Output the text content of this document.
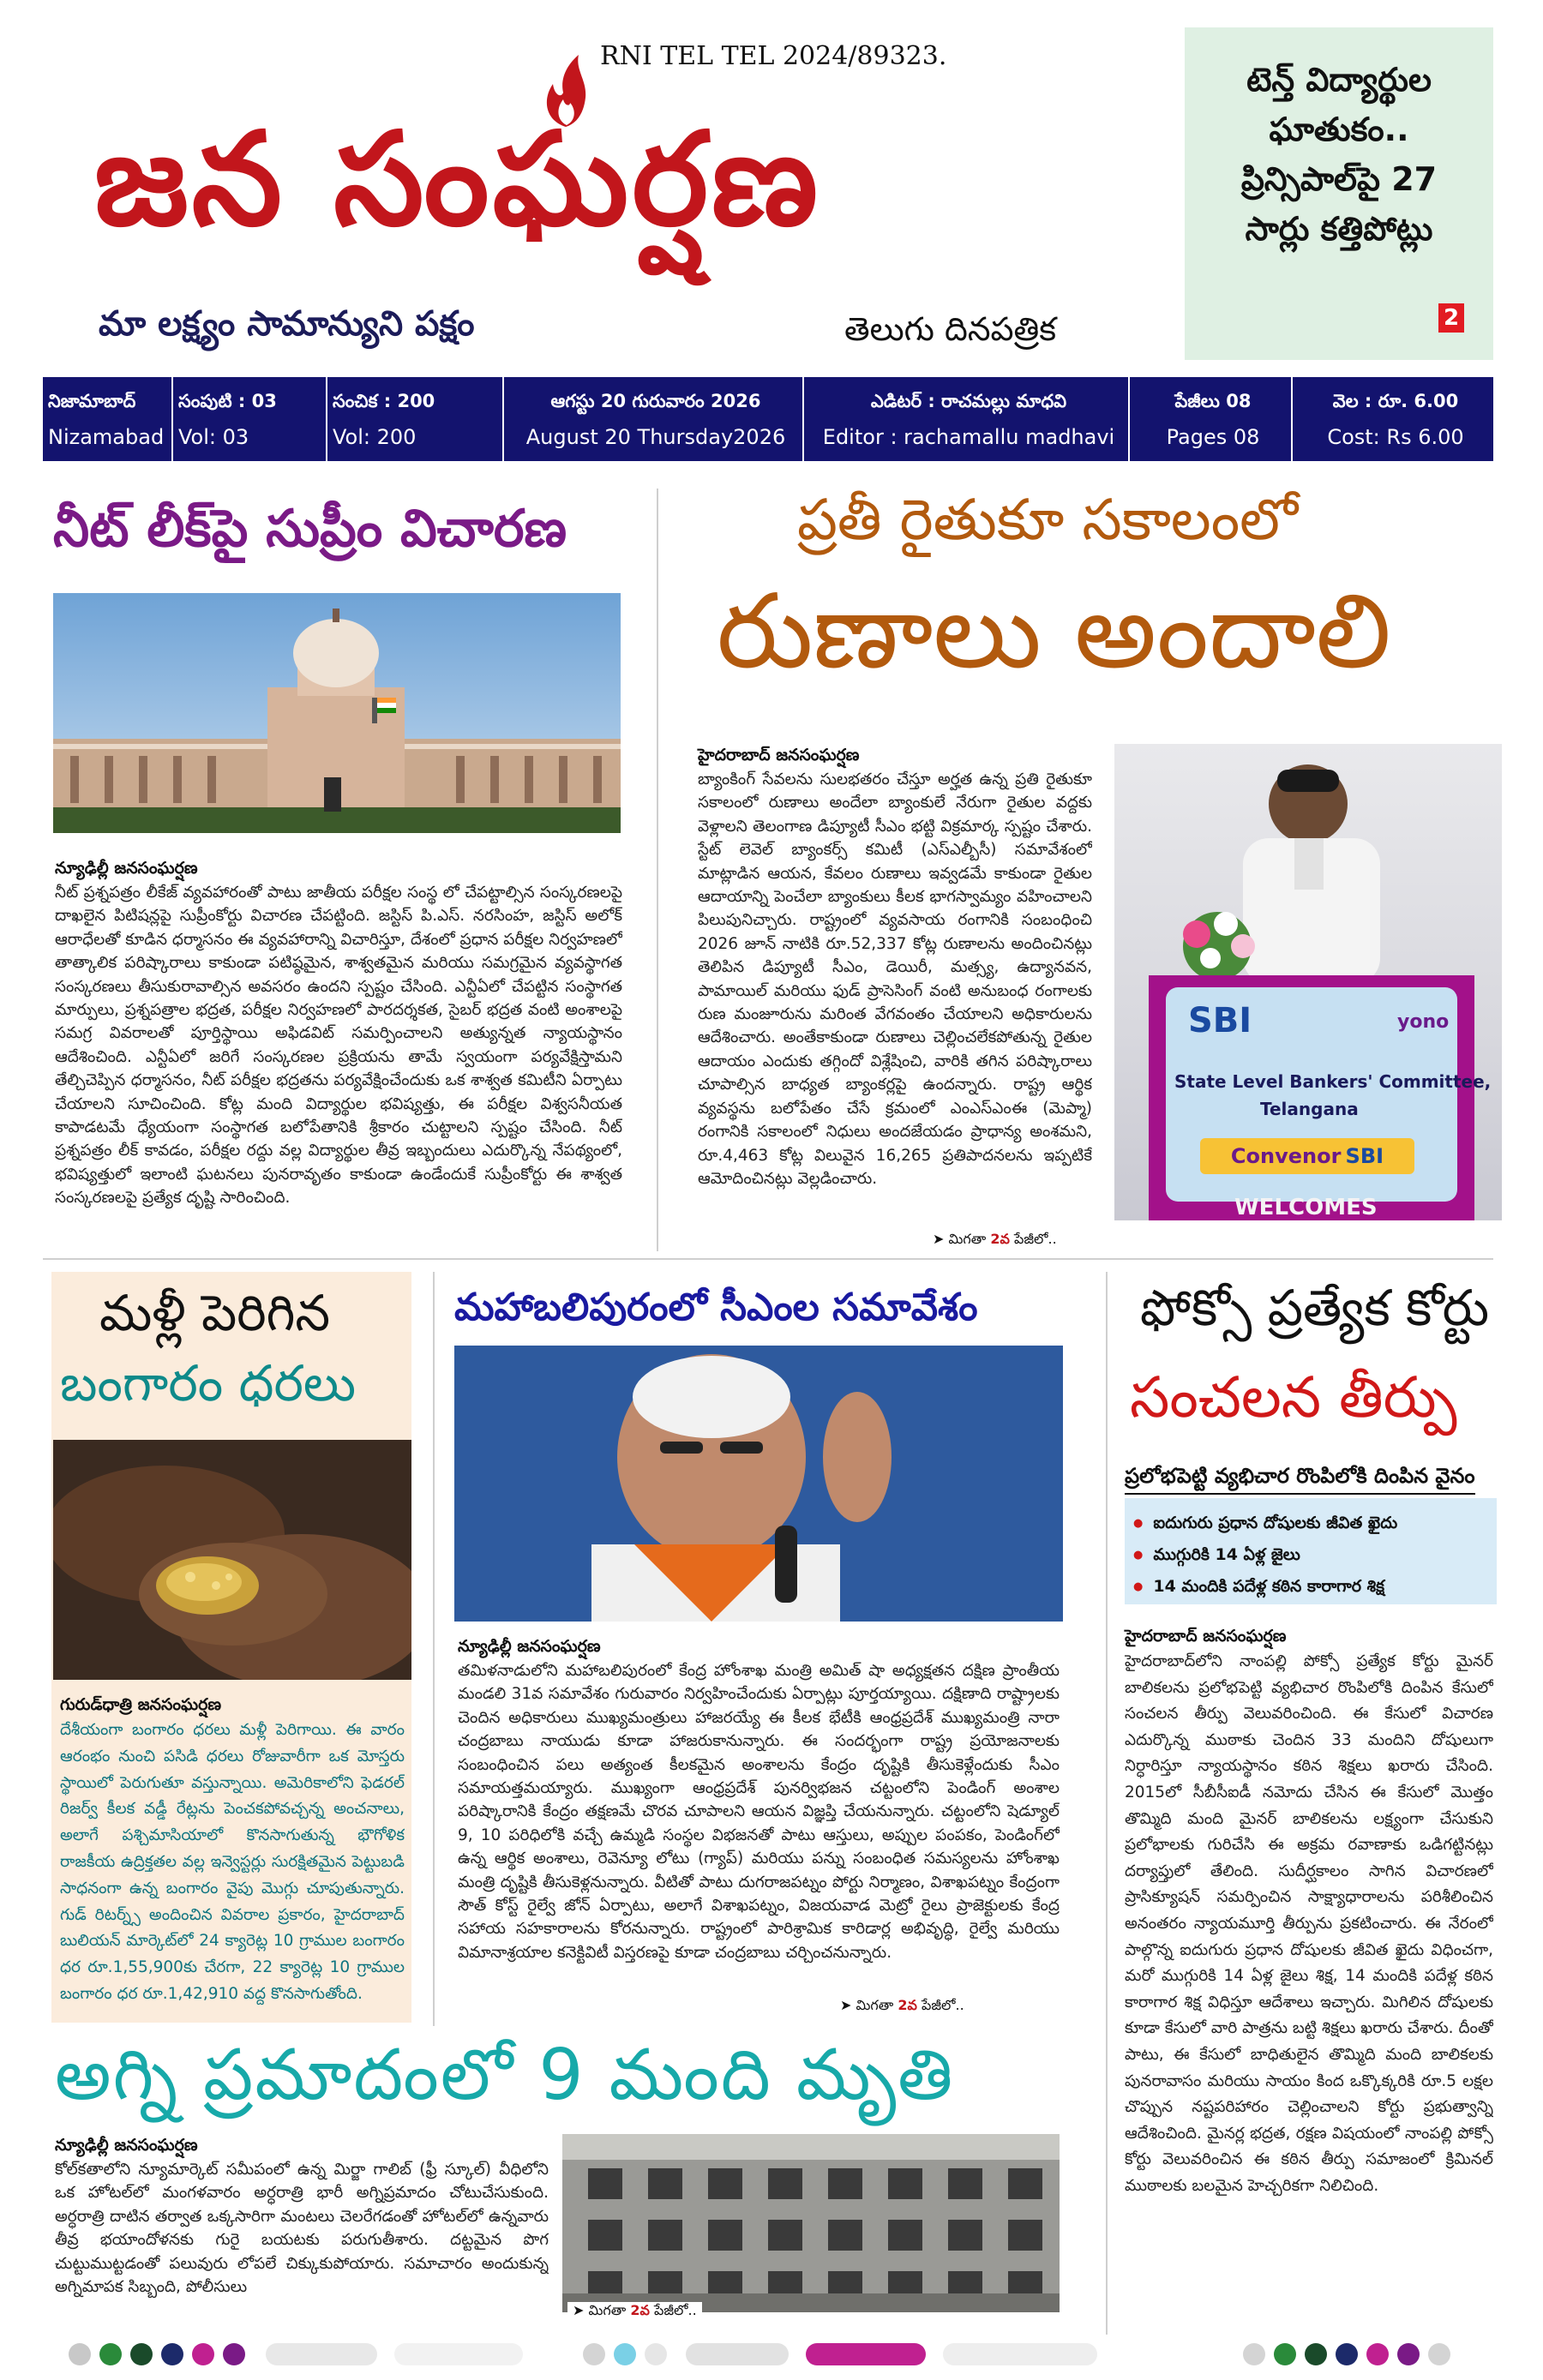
RNI TEL TEL 2024/89323.
జన సంఘర్షణ
మా లక్ష్యం సామాన్యుని పక్షం	తెలుగు దినపత్రిక

టెన్త్ విద్యార్థుల

ఘాతుకం..

ప్రిన్సిపాల్‌పై 27

సార్లు కత్తిపోట్లు

2
నిజామాబాద్
Nizamabad
సంపుటి : 03
Vol: 03
సంచిక : 200
Vol: 200
ఆగస్టు 20 గురువారం 2026
August 20 Thursday2026
ఎడిటర్ : రాచమల్లు మాధవి
Editor : rachamallu madhavi
పేజీలు 08
Pages 08
వెల : రూ. 6.00
Cost: Rs 6.00
నీట్ లీక్‌పై సుప్రీం విచారణ
న్యూఢిల్లీ జనసంఘర్షణ
నీట్ ప్రశ్నపత్రం లీకేజ్ వ్యవహారంతో పాటు జాతీయ పరీక్షల సంస్థ లో చేపట్టాల్సిన సంస్కరణలపై దాఖలైన పిటిషన్లపై సుప్రీంకోర్టు విచారణ చేపట్టింది. జస్టిస్ పి.ఎస్. నరసింహ, జస్టిస్ అలోక్ ఆరాధేలతో కూడిన ధర్మాసనం ఈ వ్యవహారాన్ని విచారిస్తూ, దేశంలో ప్రధాన పరీక్షల నిర్వహణలో తాత్కాలిక పరిష్కారాలు కాకుండా పటిష్ఠమైన, శాశ్వతమైన మరియు సమగ్రమైన వ్యవస్థాగత సంస్కరణలు తీసుకురావాల్సిన అవసరం ఉందని స్పష్టం చేసింది. ఎన్టీఏలో చేపట్టిన సంస్థాగత మార్పులు, ప్రశ్నపత్రాల భద్రత, పరీక్షల నిర్వహణలో పారదర్శకత, సైబర్ భద్రత వంటి అంశాలపై సమగ్ర వివరాలతో పూర్తిస్థాయి అఫిడవిట్ సమర్పించాలని అత్యున్నత న్యాయస్థానం ఆదేశించింది. ఎన్టీఏలో జరిగే సంస్కరణల ప్రక్రియను తామే స్వయంగా పర్యవేక్షిస్తామని తేల్చిచెప్పిన ధర్మాసనం, నీట్ పరీక్షల భద్రతను పర్యవేక్షించేందుకు ఒక శాశ్వత కమిటీని ఏర్పాటు చేయాలని సూచించింది. కోట్ల మంది విద్యార్థుల భవిష్యత్తు, ఈ పరీక్షల విశ్వసనీయత కాపాడటమే ధ్యేయంగా సంస్థాగత బలోపేతానికి శ్రీకారం చుట్టాలని స్పష్టం చేసింది. నీట్ ప్రశ్నపత్రం లీక్ కావడం, పరీక్షల రద్దు వల్ల విద్యార్థుల తీవ్ర ఇబ్బందులు ఎదుర్కొన్న నేపథ్యంలో, భవిష్యత్తులో ఇలాంటి ఘటనలు పునరావృతం కాకుండా ఉండేందుకే సుప్రీంకోర్టు ఈ శాశ్వత సంస్కరణలపై ప్రత్యేక దృష్టి సారించింది.
ప్రతీ రైతుకూ సకాలంలో
రుణాలు అందాలి
హైదరాబాద్ జనసంఘర్షణ
బ్యాంకింగ్ సేవలను సులభతరం చేస్తూ అర్హత ఉన్న ప్రతి రైతుకూ సకాలంలో రుణాలు అందేలా బ్యాంకులే నేరుగా రైతుల వద్దకు వెళ్లాలని తెలంగాణ డిప్యూటీ సీఎం భట్టి విక్రమార్క స్పష్టం చేశారు. స్టేట్ లెవెల్ బ్యాంకర్స్ కమిటీ (ఎస్ఎల్బీసీ) సమావేశంలో మాట్లాడిన ఆయన, కేవలం రుణాలు ఇవ్వడమే కాకుండా రైతుల ఆదాయాన్ని పెంచేలా బ్యాంకులు కీలక భాగస్వామ్యం వహించాలని పిలుపునిచ్చారు. రాష్ట్రంలో వ్యవసాయ రంగానికి సంబంధించి 2026 జూన్ నాటికి రూ.52,337 కోట్ల రుణాలను అందించినట్లు తెలిపిన డిప్యూటీ సీఎం, డెయిరీ, మత్స్య, ఉద్యానవన, పామాయిల్ మరియు ఫుడ్ ప్రాసెసింగ్ వంటి అనుబంధ రంగాలకు రుణ మంజూరును మరింత వేగవంతం చేయాలని అధికారులను ఆదేశించారు. అంతేకాకుండా రుణాలు చెల్లించలేకపోతున్న రైతుల ఆదాయం ఎందుకు తగ్గిందో విశ్లేషించి, వారికి తగిన పరిష్కారాలు చూపాల్సిన బాధ్యత బ్యాంకర్లపై ఉందన్నారు. రాష్ట్ర ఆర్థిక వ్యవస్థను బలోపేతం చేసే క్రమంలో ఎంఎస్ఎంఈ (మెప్మా) రంగానికి సకాలంలో నిధులు అందజేయడం ప్రాధాన్య అంశమని, రూ.4,463 కోట్ల విలువైన 16,265 ప్రతిపాదనలను ఇప్పటికే ఆమోదించినట్లు వెల్లడించారు.
➤ మిగతా 2వ పేజీలో..
SBI	yono
State Level Bankers' Committee,
Telangana
Convenor SBI
WELCOMES
మళ్లీ పెరిగిన
బంగారం ధరలు
గురుడ్‌ధాత్రి జనసంఘర్షణ
దేశీయంగా బంగారం ధరలు మళ్లీ పెరిగాయి. ఈ వారం ఆరంభం నుంచి పసిడి ధరలు రోజువారీగా ఒక మోస్తరు స్థాయిలో పెరుగుతూ వస్తున్నాయి. అమెరికాలోని ఫెడరల్ రిజర్వ్ కీలక వడ్డీ రేట్లను పెంచకపోవచ్చన్న అంచనాలు, అలాగే పశ్చిమాసియాలో కొనసాగుతున్న భౌగోళిక రాజకీయ ఉద్రిక్తతల వల్ల ఇన్వెస్టర్లు సురక్షితమైన పెట్టుబడి సాధనంగా ఉన్న బంగారం వైపు మొగ్గు చూపుతున్నారు. గుడ్ రిటర్న్స్ అందించిన వివరాల ప్రకారం, హైదరాబాద్ బులియన్ మార్కెట్‌లో 24 క్యారెట్ల 10 గ్రాముల బంగారం ధర రూ.1,55,900కు చేరగా, 22 క్యారెట్ల 10 గ్రాముల బంగారం ధర రూ.1,42,910 వద్ద కొనసాగుతోంది.
మహాబలిపురంలో సీఎంల సమావేశం
న్యూఢిల్లీ జనసంఘర్షణ
తమిళనాడులోని మహాబలిపురంలో కేంద్ర హోంశాఖ మంత్రి అమిత్ షా అధ్యక్షతన దక్షిణ ప్రాంతీయ మండలి 31వ సమావేశం గురువారం నిర్వహించేందుకు ఏర్పాట్లు పూర్తయ్యాయి. దక్షిణాది రాష్ట్రాలకు చెందిన అధికారులు ముఖ్యమంత్రులు హాజరయ్యే ఈ కీలక భేటీకి ఆంధ్రప్రదేశ్ ముఖ్యమంత్రి నారా చంద్రబాబు నాయుడు కూడా హాజరుకానున్నారు. ఈ సందర్భంగా రాష్ట్ర ప్రయోజనాలకు సంబంధించిన పలు అత్యంత కీలకమైన అంశాలను కేంద్రం దృష్టికి తీసుకెళ్లేందుకు సీఎం సమాయత్తమయ్యారు. ముఖ్యంగా ఆంధ్రప్రదేశ్ పునర్విభజన చట్టంలోని పెండింగ్ అంశాల పరిష్కారానికి కేంద్రం తక్షణమే చొరవ చూపాలని ఆయన విజ్ఞప్తి చేయనున్నారు. చట్టంలోని షెడ్యూల్ 9, 10 పరిధిలోకి వచ్చే ఉమ్మడి సంస్థల విభజనతో పాటు ఆస్తులు, అప్పుల పంపకం, పెండింగ్‌లో ఉన్న ఆర్థిక అంశాలు, రెవెన్యూ లోటు (గ్యాప్) మరియు పన్ను సంబంధిత సమస్యలను హోంశాఖ మంత్రి దృష్టికి తీసుకెళ్లనున్నారు. వీటితో పాటు దుగరాజపట్నం పోర్టు నిర్మాణం, విశాఖపట్నం కేంద్రంగా సౌత్ కోస్ట్ రైల్వే జోన్ ఏర్పాటు, అలాగే విశాఖపట్నం, విజయవాడ మెట్రో రైలు ప్రాజెక్టులకు కేంద్ర సహాయ సహకారాలను కోరనున్నారు. రాష్ట్రంలో పారిశ్రామిక కారిడార్ల అభివృద్ధి, రైల్వే మరియు విమానాశ్రయాల కనెక్టివిటీ విస్తరణపై కూడా చంద్రబాబు చర్చించనున్నారు.
➤ మిగతా 2వ పేజీలో..
ఫోక్సో ప్రత్యేక కోర్టు
సంచలన తీర్పు
ప్రలోభపెట్టి వ్యభిచార రొంపిలోకి దింపిన వైనం
● ఐదుగురు ప్రధాన దోషులకు జీవిత ఖైదు
● ముగ్గురికి 14 ఏళ్ల జైలు
● 14 మందికి పదేళ్ల కఠిన కారాగార శిక్ష
హైదరాబాద్ జనసంఘర్షణ
హైదరాబాద్‌లోని నాంపల్లి పోక్సో ప్రత్యేక కోర్టు మైనర్ బాలికలను ప్రలోభపెట్టి వ్యభిచార రొంపిలోకి దింపిన కేసులో సంచలన తీర్పు వెలువరించింది. ఈ కేసులో విచారణ ఎదుర్కొన్న ముఠాకు చెందిన 33 మందిని దోషులుగా నిర్ధారిస్తూ న్యాయస్థానం కఠిన శిక్షలు ఖరారు చేసింది. 2015లో సీబీసీఐడీ నమోదు చేసిన ఈ కేసులో మొత్తం తొమ్మిది మంది మైనర్ బాలికలను లక్ష్యంగా చేసుకుని ప్రలోభాలకు గురిచేసి ఈ అక్రమ రవాణాకు ఒడిగట్టినట్లు దర్యాప్తులో తేలింది. సుదీర్ఘకాలం సాగిన విచారణలో ప్రాసిక్యూషన్ సమర్పించిన సాక్ష్యాధారాలను పరిశీలించిన అనంతరం న్యాయమూర్తి తీర్పును ప్రకటించారు. ఈ నేరంలో పాల్గొన్న ఐదుగురు ప్రధాన దోషులకు జీవిత ఖైదు విధించగా, మరో ముగ్గురికి 14 ఏళ్ల జైలు శిక్ష, 14 మందికి పదేళ్ల కఠిన కారాగార శిక్ష విధిస్తూ ఆదేశాలు ఇచ్చారు. మిగిలిన దోషులకు కూడా కేసులో వారి పాత్రను బట్టి శిక్షలు ఖరారు చేశారు. దీంతో పాటు, ఈ కేసులో బాధితులైన తొమ్మిది మంది బాలికలకు పునరావాసం మరియు సాయం కింద ఒక్కొక్కరికి రూ.5 లక్షల చొప్పున నష్టపరిహారం చెల్లించాలని కోర్టు ప్రభుత్వాన్ని ఆదేశించింది. మైనర్ల భద్రత, రక్షణ విషయంలో నాంపల్లి పోక్సో కోర్టు వెలువరించిన ఈ కఠిన తీర్పు సమాజంలో క్రిమినల్ ముఠాలకు బలమైన హెచ్చరికగా నిలిచింది.
అగ్ని ప్రమాదంలో 9 మంది మృతి
న్యూఢిల్లీ జనసంఘర్షణ
కోల్‌కతాలోని న్యూమార్కెట్ సమీపంలో ఉన్న మిర్జా గాలిబ్ (ఫ్రీ స్కూల్) వీధిలోని ఒక హోటల్‌లో మంగళవారం అర్ధరాత్రి భారీ అగ్నిప్రమాదం చోటుచేసుకుంది. అర్ధరాత్రి దాటిన తర్వాత ఒక్కసారిగా మంటలు చెలరేగడంతో హోటల్‌లో ఉన్నవారు తీవ్ర భయాందోళనకు గురై బయటకు పరుగుతీశారు. దట్టమైన పొగ చుట్టుముట్టడంతో పలువురు లోపలే చిక్కుకుపోయారు. సమాచారం అందుకున్న అగ్నిమాపక సిబ్బంది, పోలీసులు
➤ మిగతా 2వ పేజీలో..
